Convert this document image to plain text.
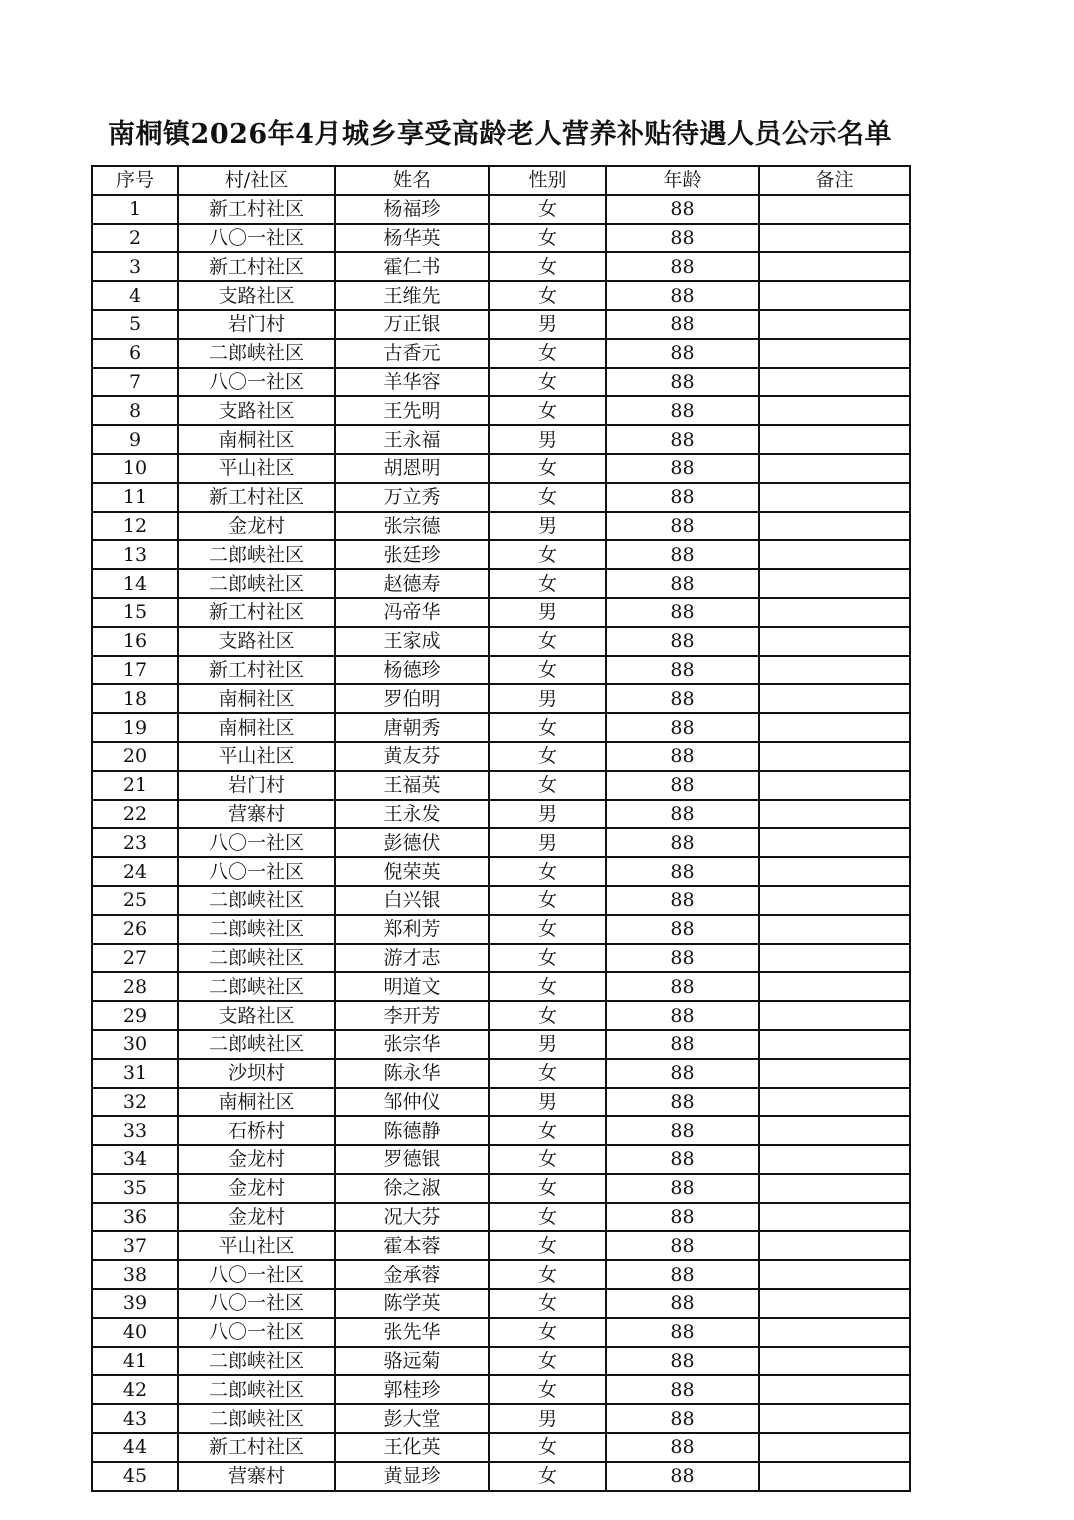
南桐镇2026年4月城乡享受高龄老人营养补贴待遇人员公示名单
序号	村/社区	姓名	性别	年龄	备注
1	新工村社区	杨福珍	女	88	
2	八〇一社区	杨华英	女	88	
3	新工村社区	霍仁书	女	88	
4	支路社区	王维先	女	88	
5	岩门村	万正银	男	88	
6	二郎峡社区	古香元	女	88	
7	八〇一社区	羊华容	女	88	
8	支路社区	王先明	女	88	
9	南桐社区	王永福	男	88	
10	平山社区	胡恩明	女	88	
11	新工村社区	万立秀	女	88	
12	金龙村	张宗德	男	88	
13	二郎峡社区	张廷珍	女	88	
14	二郎峡社区	赵德寿	女	88	
15	新工村社区	冯帝华	男	88	
16	支路社区	王家成	女	88	
17	新工村社区	杨德珍	女	88	
18	南桐社区	罗伯明	男	88	
19	南桐社区	唐朝秀	女	88	
20	平山社区	黄友芬	女	88	
21	岩门村	王福英	女	88	
22	营寨村	王永发	男	88	
23	八〇一社区	彭德伏	男	88	
24	八〇一社区	倪荣英	女	88	
25	二郎峡社区	白兴银	女	88	
26	二郎峡社区	郑利芳	女	88	
27	二郎峡社区	游才志	女	88	
28	二郎峡社区	明道文	女	88	
29	支路社区	李开芳	女	88	
30	二郎峡社区	张宗华	男	88	
31	沙坝村	陈永华	女	88	
32	南桐社区	邹仲仪	男	88	
33	石桥村	陈德静	女	88	
34	金龙村	罗德银	女	88	
35	金龙村	徐之淑	女	88	
36	金龙村	况大芬	女	88	
37	平山社区	霍本蓉	女	88	
38	八〇一社区	金承蓉	女	88	
39	八〇一社区	陈学英	女	88	
40	八〇一社区	张先华	女	88	
41	二郎峡社区	骆远菊	女	88	
42	二郎峡社区	郭桂珍	女	88	
43	二郎峡社区	彭大堂	男	88	
44	新工村社区	王化英	女	88	
45	营寨村	黄显珍	女	88	
